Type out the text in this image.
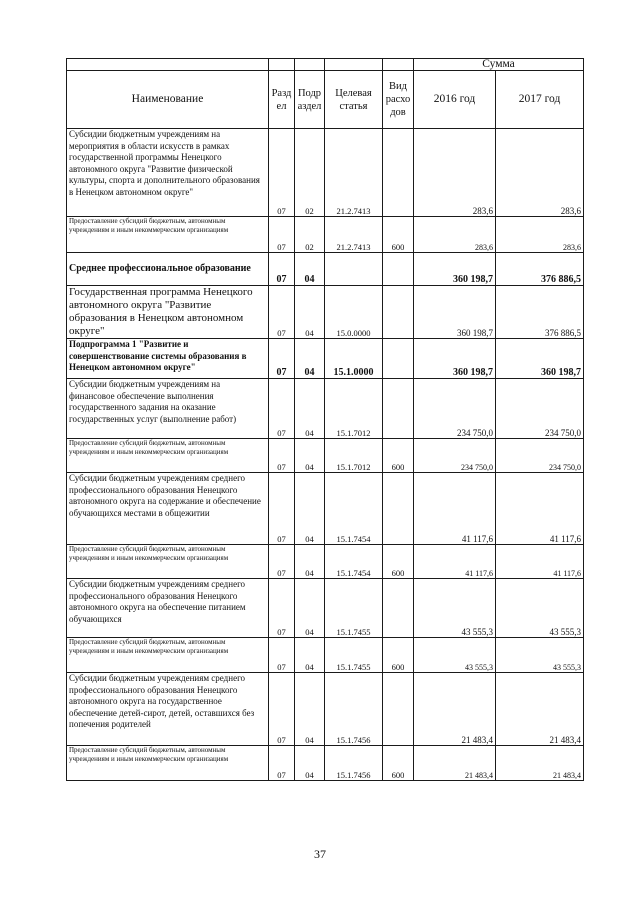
					Сумма	
Наименование	Разд ел	Подр аздел	Целевая статья	Вид расхо дов	2016 год	2017 год
Субсидии бюджетным учреждениям на мероприятия в области искусств в рамках государственной программы Ненецкого автономного округа "Развитие физической культуры, спорта и дополнительного образования в Ненецком автономном округе"	07	02	21.2.7413		283,6	283,6
Предоставление субсидий бюджетным, автономным учреждениям и иным некоммерческим организациям	07	02	21.2.7413	600	283,6	283,6
Среднее профессиональное образование	07	04			360 198,7	376 886,5
Государственная программа Ненецкого автономного округа "Развитие образования в Ненецком автономном округе"	07	04	15.0.0000		360 198,7	376 886,5
Подпрограмма 1 "Развитие и совершенствование системы образования в Ненецком автономном округе"	07	04	15.1.0000		360 198,7	360 198,7
Субсидии бюджетным учреждениям на финансовое обеспечение выполнения государственного задания на оказание государственных услуг (выполнение работ)	07	04	15.1.7012		234 750,0	234 750,0
Предоставление субсидий бюджетным, автономным учреждениям и иным некоммерческим организациям	07	04	15.1.7012	600	234 750,0	234 750,0
Субсидии бюджетным учреждениям среднего профессионального образования Ненецкого автономного округа на содержание и обеспечение обучающихся местами в общежитии	07	04	15.1.7454		41 117,6	41 117,6
Предоставление субсидий бюджетным, автономным учреждениям и иным некоммерческим организациям	07	04	15.1.7454	600	41 117,6	41 117,6
Субсидии бюджетным учреждениям среднего профессионального образования Ненецкого автономного округа на обеспечение питанием обучающихся	07	04	15.1.7455		43 555,3	43 555,3
Предоставление субсидий бюджетным, автономным учреждениям и иным некоммерческим организациям	07	04	15.1.7455	600	43 555,3	43 555,3
Субсидии бюджетным учреждениям среднего профессионального образования Ненецкого автономного округа на государственное обеспечение детей-сирот, детей, оставшихся без попечения родителей	07	04	15.1.7456		21 483,4	21 483,4
Предоставление субсидий бюджетным, автономным учреждениям и иным некоммерческим организациям	07	04	15.1.7456	600	21 483,4	21 483,4
37
